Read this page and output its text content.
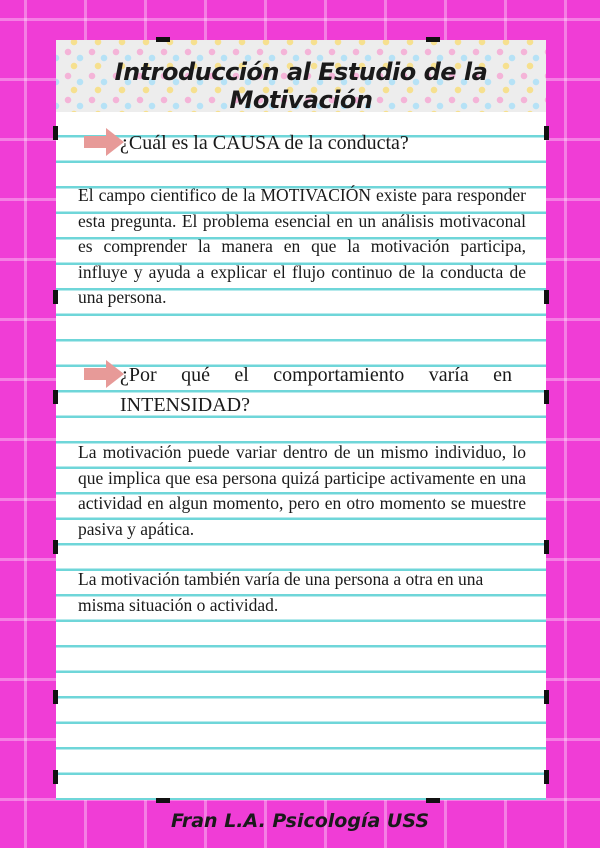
Introducción al Estudio de la Motivación
¿Cuál es la CAUSA de la conducta?
El campo cientifico de la MOTIVACIÓN existe para responder esta pregunta. El problema esencial en un análisis motivaconal es comprender la manera en que la motivación participa, influye y ayuda a explicar el flujo continuo de la conducta de una persona.
¿Por qué el comportamiento varía en
INTENSIDAD?
La motivación puede variar dentro de un mismo individuo, lo que implica que esa persona quizá participe activamente en una actividad en algun momento, pero en otro momento se muestre pasiva y apática.
La motivación también varía de una persona a otra en una misma situación o actividad.
Fran L.A. Psicología USS
